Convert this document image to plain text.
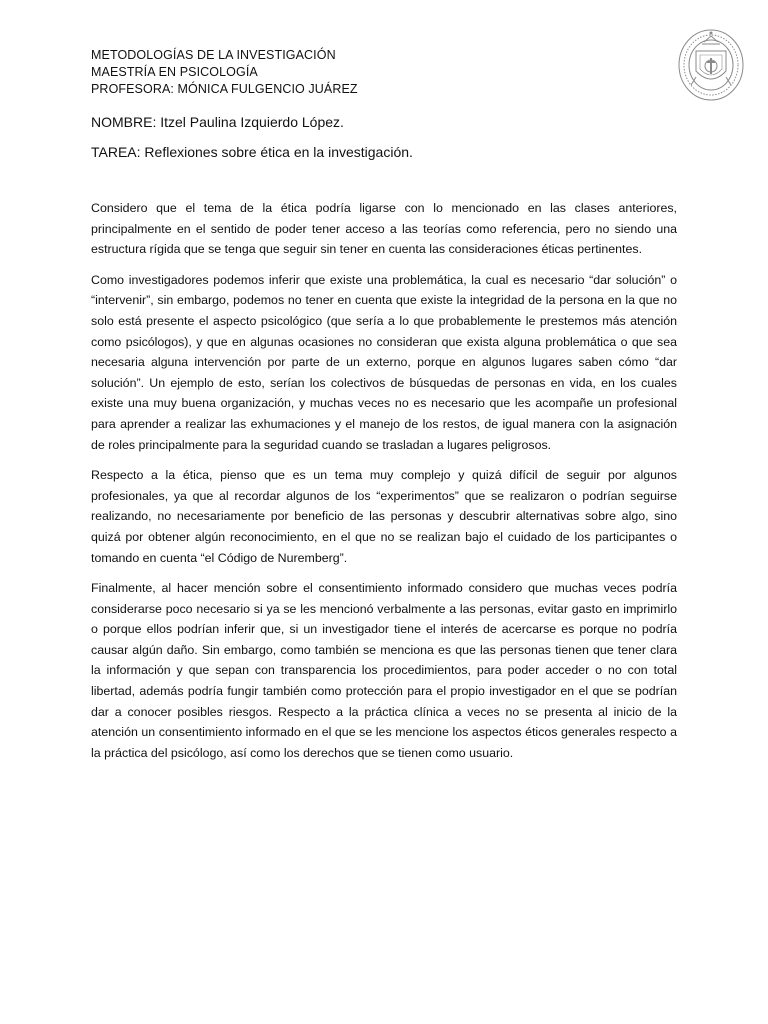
METODOLOGÍAS DE LA INVESTIGACIÓN
MAESTRÍA EN PSICOLOGÍA
PROFESORA: MÓNICA FULGENCIO JUÁREZ
NOMBRE: Itzel Paulina Izquierdo López.
TAREA: Reflexiones sobre ética en la investigación.

Considero que el tema de la ética podría ligarse con lo mencionado en las clases anteriores, principalmente en el sentido de poder tener acceso a las teorías como referencia, pero no siendo una estructura rígida que se tenga que seguir sin tener en cuenta las consideraciones éticas pertinentes.

Como investigadores podemos inferir que existe una problemática, la cual es necesario “dar solución” o “intervenir”, sin embargo, podemos no tener en cuenta que existe la integridad de la persona en la que no solo está presente el aspecto psicológico (que sería a lo que probablemente le prestemos más atención como psicólogos), y que en algunas ocasiones no consideran que exista alguna problemática o que sea necesaria alguna intervención por parte de un externo, porque en algunos lugares saben cómo “dar solución”. Un ejemplo de esto, serían los colectivos de búsquedas de personas en vida, en los cuales existe una muy buena organización, y muchas veces no es necesario que les acompañe un profesional para aprender a realizar las exhumaciones y el manejo de los restos, de igual manera con la asignación de roles principalmente para la seguridad cuando se trasladan a lugares peligrosos.

Respecto a la ética, pienso que es un tema muy complejo y quizá difícil de seguir por algunos profesionales, ya que al recordar algunos de los “experimentos” que se realizaron o podrían seguirse realizando, no necesariamente por beneficio de las personas y descubrir alternativas sobre algo, sino quizá por obtener algún reconocimiento, en el que no se realizan bajo el cuidado de los participantes o tomando en cuenta “el Código de Nuremberg”.

Finalmente, al hacer mención sobre el consentimiento informado considero que muchas veces podría considerarse poco necesario si ya se les mencionó verbalmente a las personas, evitar gasto en imprimirlo o porque ellos podrían inferir que, si un investigador tiene el interés de acercarse es porque no podría causar algún daño. Sin embargo, como también se menciona es que las personas tienen que tener clara la información y que sepan con transparencia los procedimientos, para poder acceder o no con total libertad, además podría fungir también como protección para el propio investigador en el que se podrían dar a conocer posibles riesgos. Respecto a la práctica clínica a veces no se presenta al inicio de la atención un consentimiento informado en el que se les mencione los aspectos éticos generales respecto a la práctica del psicólogo, así como los derechos que se tienen como usuario.
